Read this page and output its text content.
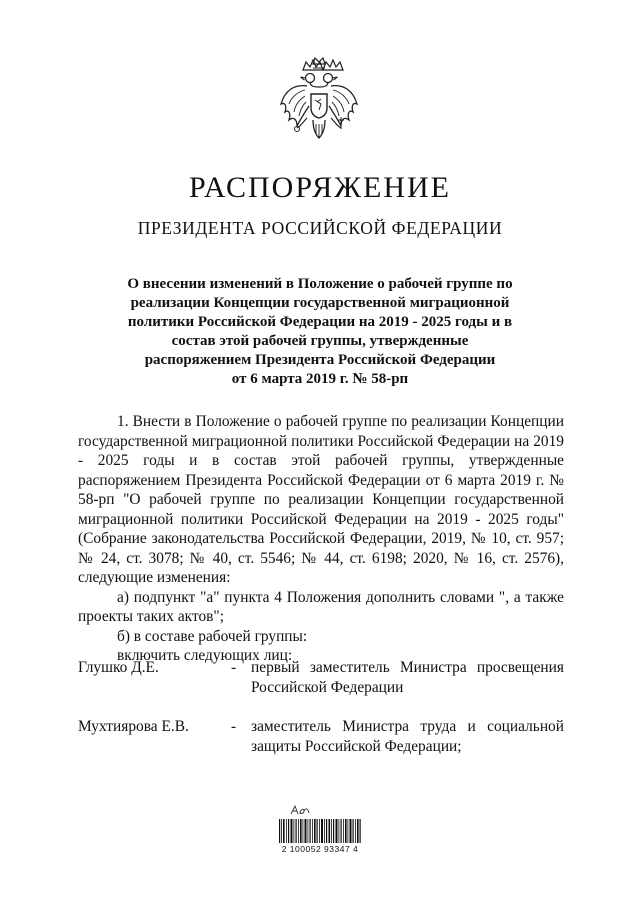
РАСПОРЯЖЕНИЕ
ПРЕЗИДЕНТА РОССИЙСКОЙ ФЕДЕРАЦИИ
О внесении изменений в Положение о рабочей группе по
реализации Концепции государственной миграционной
политики Российской Федерации на 2019 - 2025 годы и в
состав этой рабочей группы, утвержденные
распоряжением Президента Российской Федерации
от 6 марта 2019 г. № 58-рп

1. Внести в Положение о рабочей группе по реализации Концепции государственной миграционной политики Российской Федерации на 2019 - 2025 годы и в состав этой рабочей группы, утвержденные распоряжением Президента Российской Федерации от 6 марта 2019 г. № 58-рп "О рабочей группе по реализации Концепции государственной миграционной политики Российской Федерации на 2019 - 2025 годы" (Собрание законодательства Российской Федерации, 2019, № 10, ст. 957; № 24, ст. 3078; № 40, ст. 5546; № 44, ст. 6198; 2020, № 16, ст. 2576), следующие изменения:

а) подпункт "а" пункта 4 Положения дополнить словами ", а также проекты таких актов";

б) в составе рабочей группы:

включить следующих лиц:

Глушко Д.Е.	- первый заместитель Министра просвещения Российской Федерации
Мухтиярова Е.В.	- заместитель Министра труда и социальной защиты Российской Федерации;
2 100052 93347 4
